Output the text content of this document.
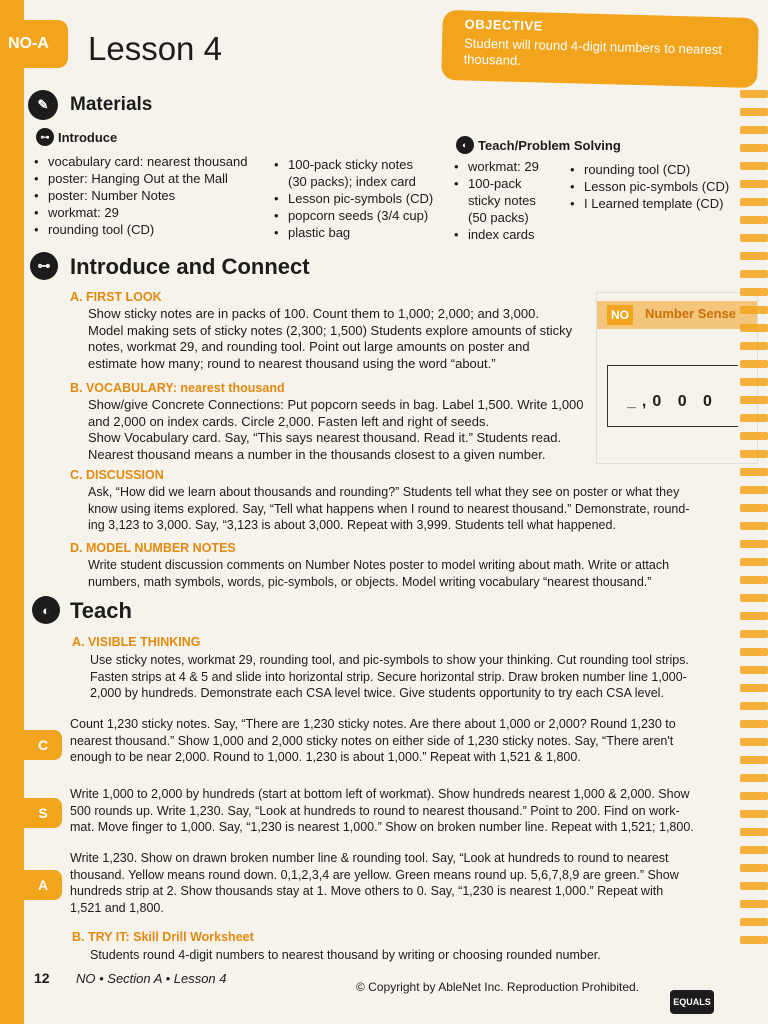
NO-A	Lesson 4
OBJECTIVE
Student will round 4-digit numbers to nearest thousand.
✎	Materials
⊶ Introduce
• vocabulary card: nearest thousand
• poster: Hanging Out at the Mall
• poster: Number Notes
• workmat: 29
• rounding tool (CD)
• 100-pack sticky notes
(30 packs); index card
• Lesson pic-symbols (CD)
• popcorn seeds (3/4 cup)
• plastic bag
◐ Teach/Problem Solving
• workmat: 29
• 100-pack
sticky notes
(50 packs)
• index cards
• rounding tool (CD)
• Lesson pic-symbols (CD)
• I Learned template (CD)
⊶ Introduce and Connect
A. FIRST LOOK
Show sticky notes are in packs of 100. Count them to 1,000; 2,000; and 3,000.
Model making sets of sticky notes (2,300; 1,500) Students explore amounts of sticky
notes, workmat 29, and rounding tool. Point out large amounts on poster and
estimate how many; round to nearest thousand using the word “about.”
B. VOCABULARY: nearest thousand
Show/give Concrete Connections: Put popcorn seeds in bag. Label 1,500. Write 1,000
and 2,000 on index cards. Circle 2,000. Fasten left and right of seeds.
Show Vocabulary card. Say, “This says nearest thousand. Read it.” Students read.
Nearest thousand means a number in the thousands closest to a given number.
C. DISCUSSION
Ask, “How did we learn about thousands and rounding?” Students tell what they see on poster or what they
know using items explored. Say, “Tell what happens when I round to nearest thousand.” Demonstrate, round-
ing 3,123 to 3,000. Say, “3,123 is about 3,000. Repeat with 3,999. Students tell what happened.
D. MODEL NUMBER NOTES
Write student discussion comments on Number Notes poster to model writing about math. Write or attach
numbers, math symbols, words, pic-symbols, or objects. Model writing vocabulary “nearest thousand.”
NO	Number Sense
_,0 0 0
◐ Teach
A. VISIBLE THINKING
Use sticky notes, workmat 29, rounding tool, and pic-symbols to show your thinking. Cut rounding tool strips.
Fasten strips at 4 & 5 and slide into horizontal strip. Secure horizontal strip. Draw broken number line 1,000-
2,000 by hundreds. Demonstrate each CSA level twice. Give students opportunity to try each CSA level.
C
Count 1,230 sticky notes. Say, “There are 1,230 sticky notes. Are there about 1,000 or 2,000? Round 1,230 to
nearest thousand.” Show 1,000 and 2,000 sticky notes on either side of 1,230 sticky notes. Say, “There aren't
enough to be near 2,000. Round to 1,000. 1,230 is about 1,000.” Repeat with 1,521 & 1,800.
S
Write 1,000 to 2,000 by hundreds (start at bottom left of workmat). Show hundreds nearest 1,000 & 2,000. Show
500 rounds up. Write 1,230. Say, “Look at hundreds to round to nearest thousand.” Point to 200. Find on work-
mat. Move finger to 1,000. Say, “1,230 is nearest 1,000.” Show on broken number line. Repeat with 1,521; 1,800.
A
Write 1,230. Show on drawn broken number line & rounding tool. Say, “Look at hundreds to round to nearest
thousand. Yellow means round down. 0,1,2,3,4 are yellow. Green means round up. 5,6,7,8,9 are green.” Show
hundreds strip at 2. Show thousands stay at 1. Move others to 0. Say, “1,230 is nearest 1,000.” Repeat with
1,521 and 1,800.
B. TRY IT: Skill Drill Worksheet
Students round 4-digit numbers to nearest thousand by writing or choosing rounded number.
12 NO • Section A • Lesson 4
© Copyright by AbleNet Inc. Reproduction Prohibited.
EQUALS
